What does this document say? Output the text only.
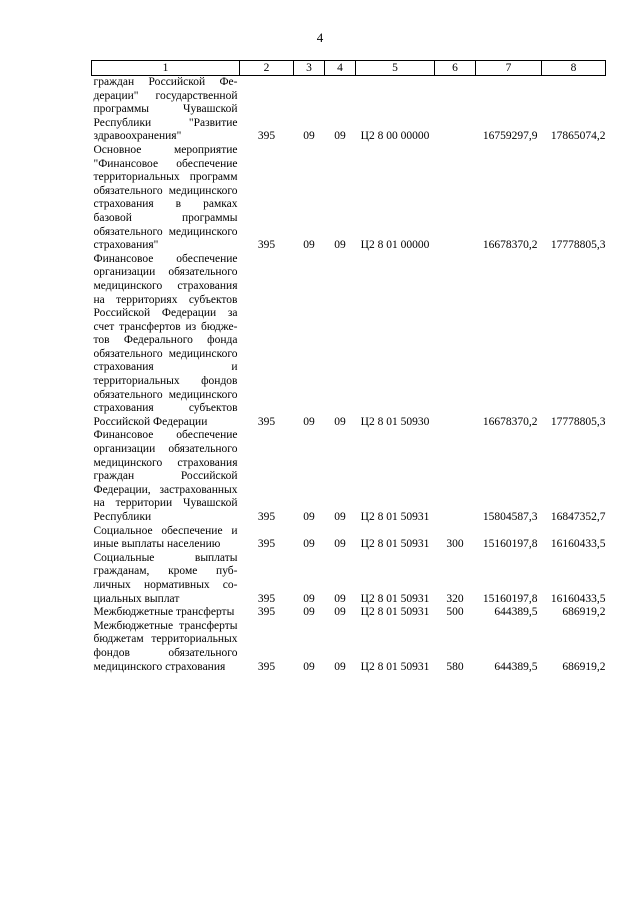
4
1	2	3	4	5	6	7	8
граждан Российской Федерации" государственной программы Чувашской Республики "Развитие здравоохранения"	395	09	09	Ц2 8 00 00000		16759297,9	17865074,2
Основное мероприятие "Финансовое обеспечение территориальных программ обязательного медицинского страхования в рамках базовой программы обязательного медицинского страхования"	395	09	09	Ц2 8 01 00000		16678370,2	17778805,3
Финансовое обеспечение организации обязательного медицинского страхования на территориях субъектов Российской Федерации за счет трансфертов из бюджетов Федерального фонда обязательного медицинского страхования и территориальных фондов обязательного медицинского страхования субъектов Российской Федерации	395	09	09	Ц2 8 01 50930		16678370,2	17778805,3
Финансовое обеспечение организации обязательного медицинского страхования граждан Российской Федерации, застрахованных на территории Чувашской Республики	395	09	09	Ц2 8 01 50931		15804587,3	16847352,7
Социальное обеспечение и иные выплаты населению	395	09	09	Ц2 8 01 50931	300	15160197,8	16160433,5
Социальные выплаты гражданам, кроме публичных нормативных социальных выплат	395	09	09	Ц2 8 01 50931	320	15160197,8	16160433,5
Межбюджетные трансферты	395	09	09	Ц2 8 01 50931	500	644389,5	686919,2
Межбюджетные трансферты бюджетам территориальных фондов обязательного медицинского страхования	395	09	09	Ц2 8 01 50931	580	644389,5	686919,2
